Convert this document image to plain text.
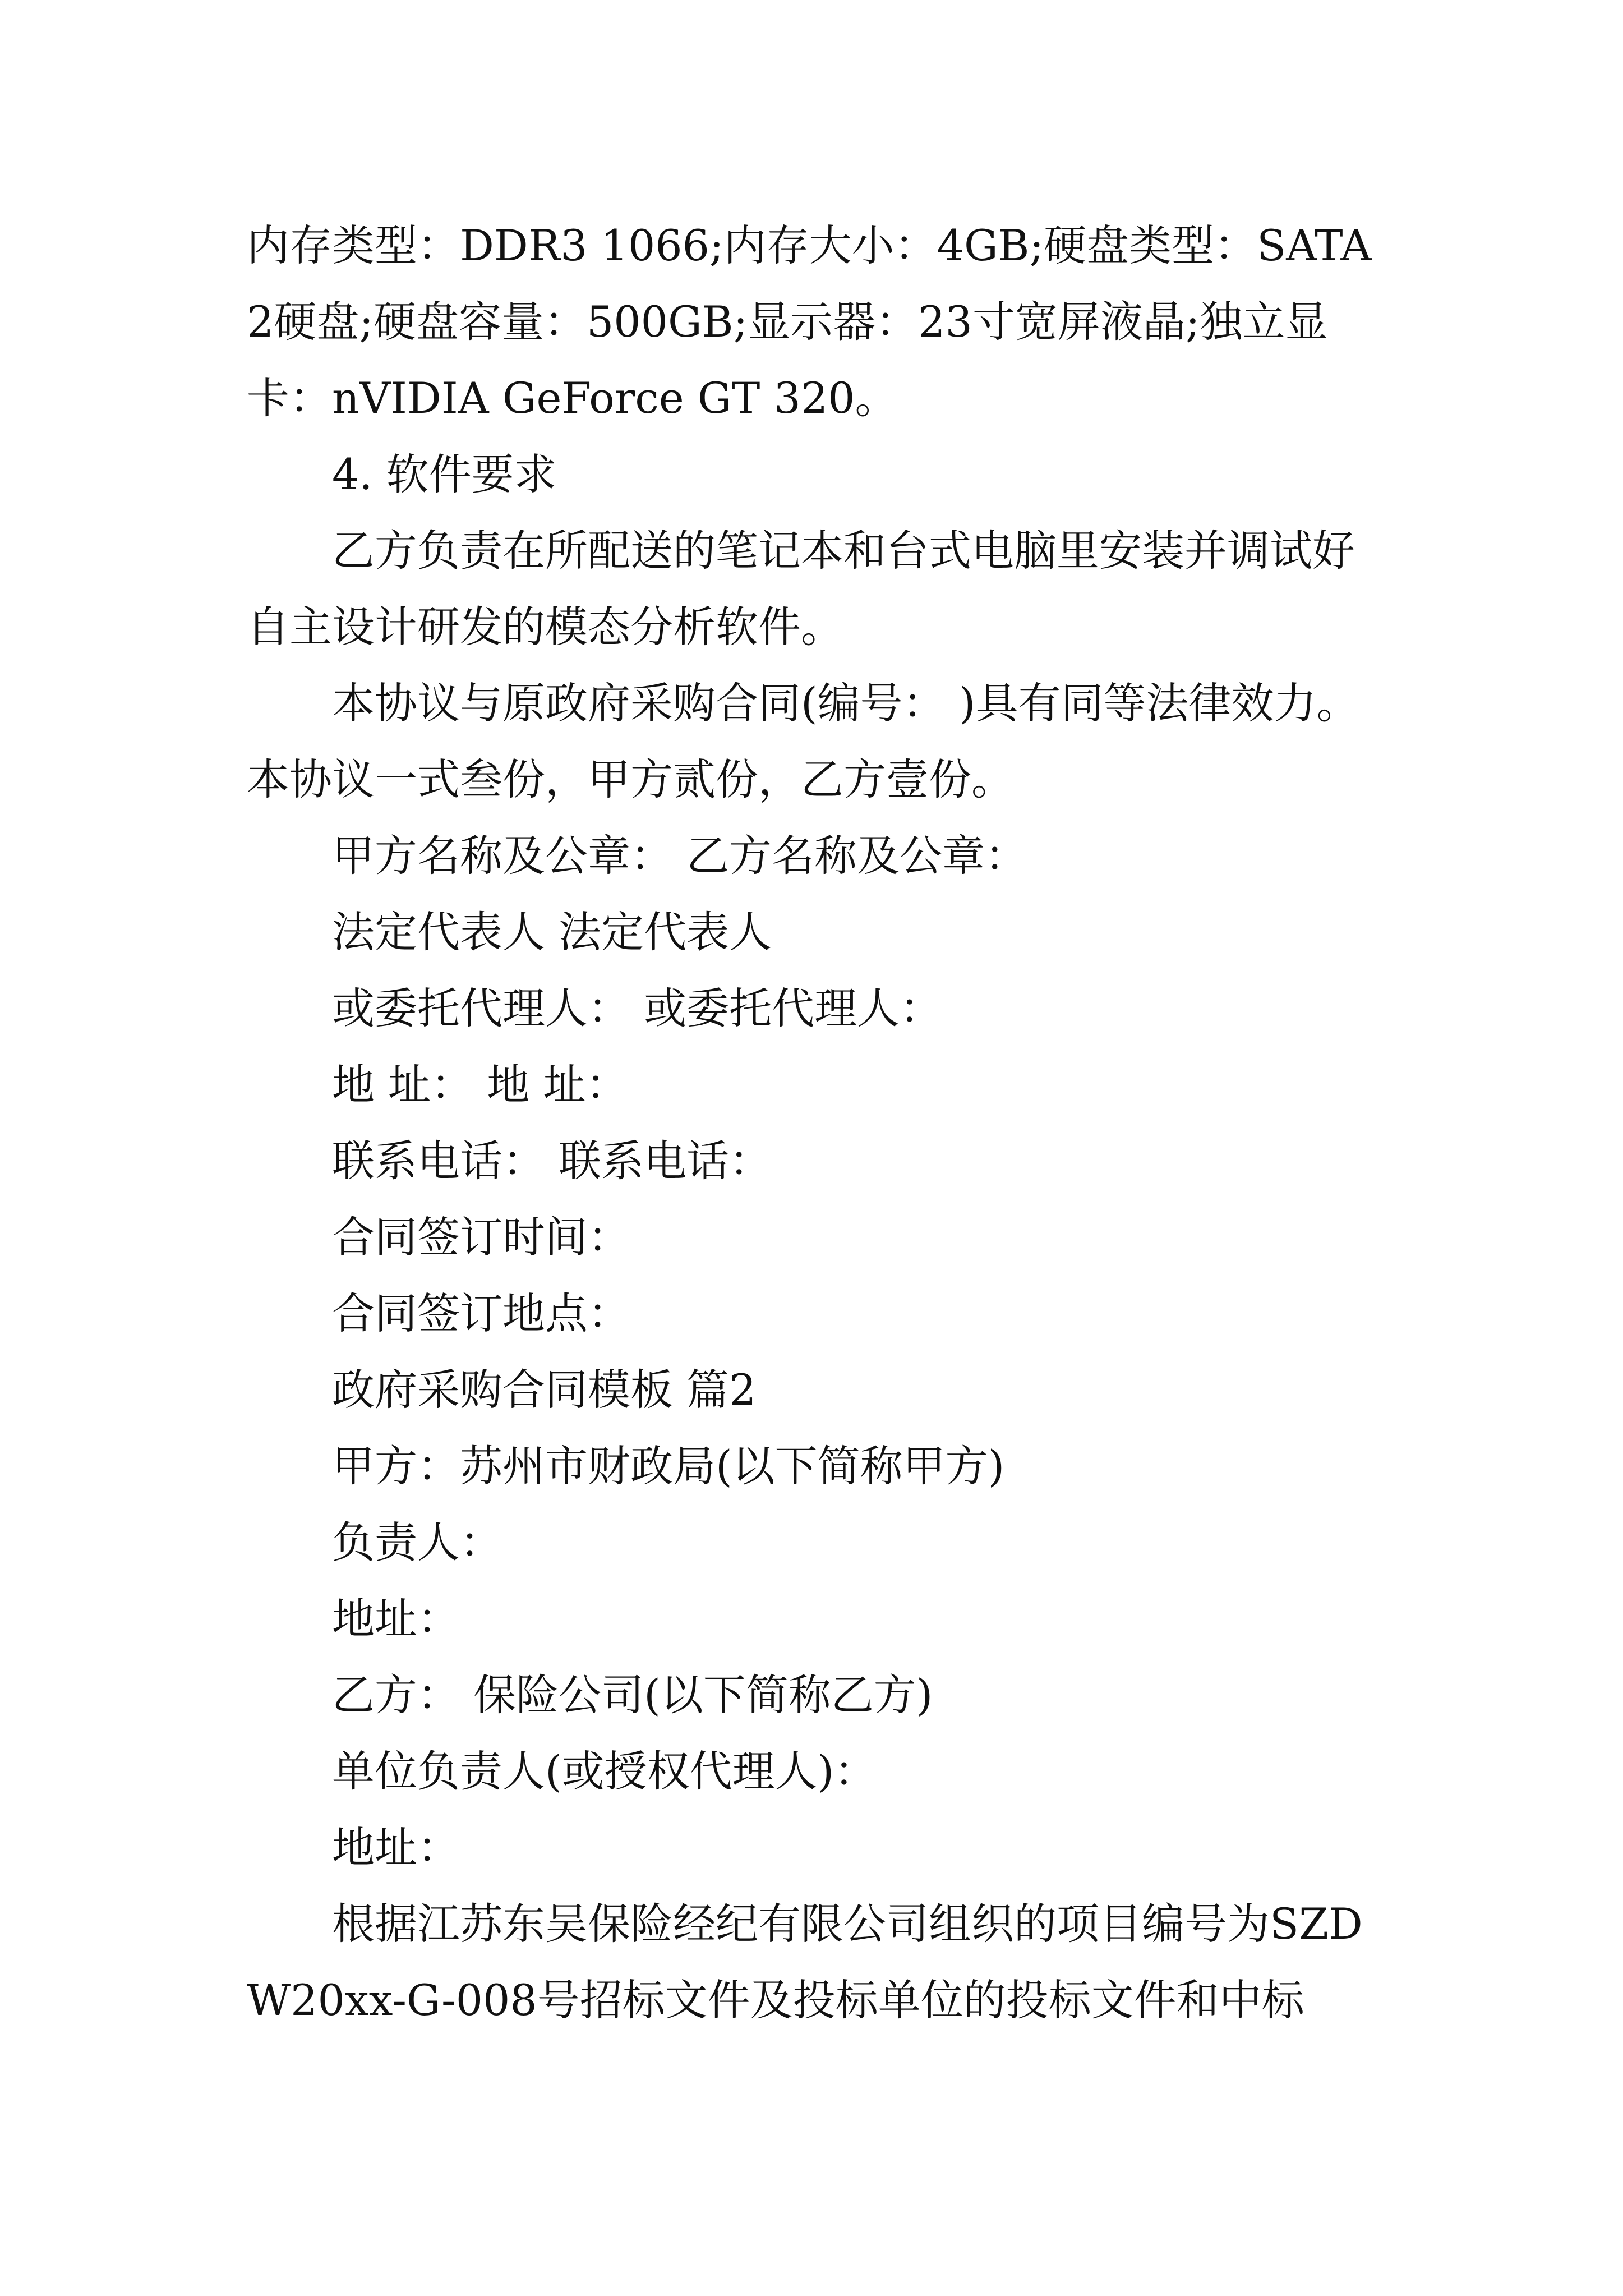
内存类型：DDR3 1066;内存大小：4GB;硬盘类型：SATA2硬盘;硬盘容量：500GB;显示器：23寸宽屏液晶;独立显卡：nVIDIA GeForce GT 320。

4. 软件要求

乙方负责在所配送的笔记本和台式电脑里安装并调试好自主设计研发的模态分析软件。

本协议与原政府采购合同(编号： )具有同等法律效力。本协议一式叁份，甲方贰份，乙方壹份。

甲方名称及公章： 乙方名称及公章：

法定代表人 法定代表人

或委托代理人： 或委托代理人：

地 址： 地 址：

联系电话： 联系电话：

合同签订时间：

合同签订地点：

政府采购合同模板 篇2

甲方：苏州市财政局(以下简称甲方)

负责人：

地址：

乙方： 保险公司(以下简称乙方)

单位负责人(或授权代理人)：

地址：

根据江苏东吴保险经纪有限公司组织的项目编号为SZDW20xx-G-008号招标文件及投标单位的投标文件和中标
